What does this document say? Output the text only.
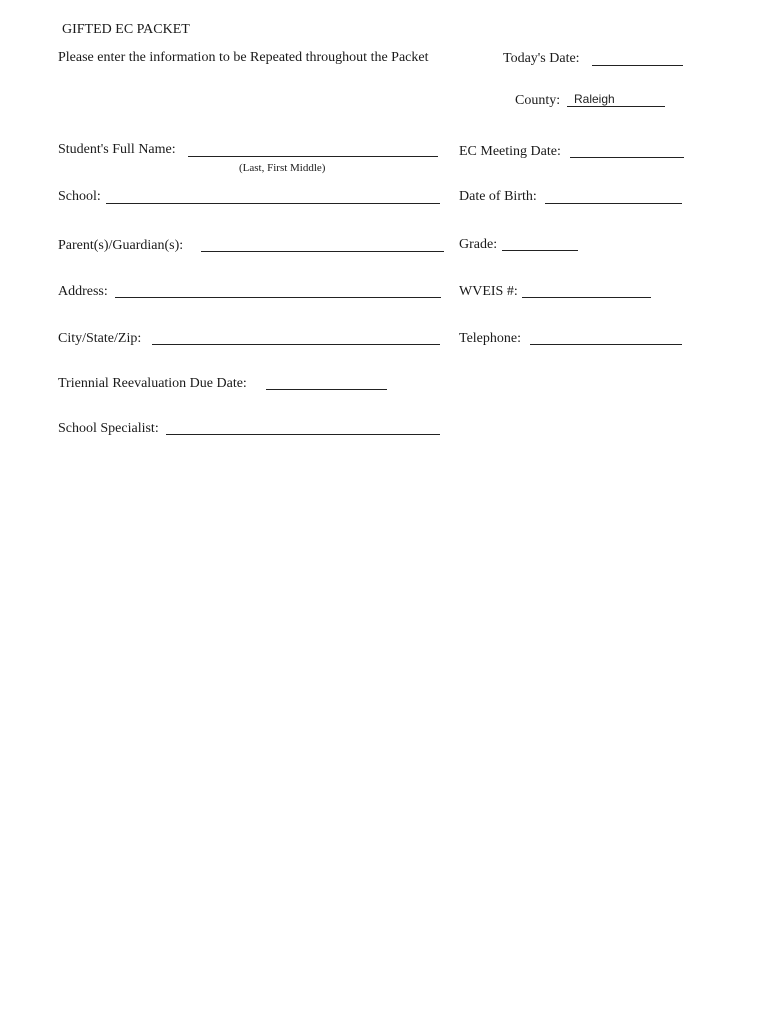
GIFTED EC PACKET
Please enter the information to be Repeated throughout the Packet	Today's Date:
County:
Raleigh
Student's Full Name:
(Last, First Middle)
EC Meeting Date:
School:	Date of Birth:
Parent(s)/Guardian(s):	Grade:
Address:	WVEIS #:
City/State/Zip:	Telephone:
Triennial Reevaluation Due Date:
School Specialist:
